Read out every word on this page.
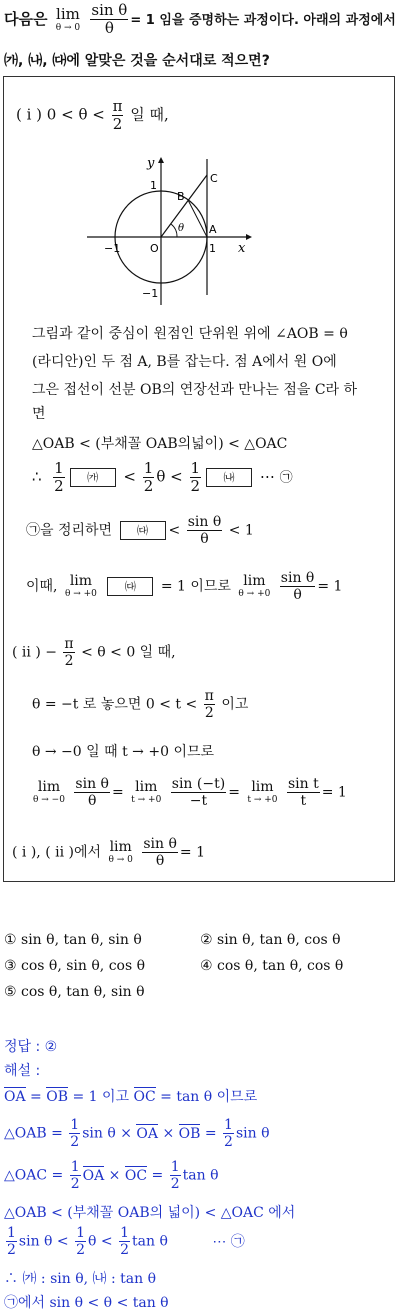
다음은 lim
θ → 0
$\frac{\text{sin θ}}{\theta} = 1$ 임을 증명하는 과정이다. 아래의 과정에서
㈎, ㈏, ㈐에 알맞은 것을 순서대로 적으면?
( i ) $0 < \theta < \frac{\pi}{2}$ 일 때,
y
x
1
−1
−1	1
O
A
B
C
θ
그림과 같이 중심이 원점인 단위원 위에 ∠AOB = θ
(라디안)인 두 점 A, B를 잡는다. 점 A에서 원 O에
그은 접선이 선분 OB의 연장선과 만나는 점을 C라 하
면
△OAB < (부채꼴 OAB의넓이) < △OAC
∴ $\frac{1}{2}$ ㈎ < $\frac{1}{2}$ $\theta < \frac{1}{2}$ ㈏ ⋯ ㉠
㉠을 정리하면 ㈐ < $\frac{\text{sin θ}}{\theta} < 1$
이때, lim
θ → +0
㈐ = 1 이므로 lim
θ → +0
$\frac{\text{sin θ}}{\theta} = 1$
( ii ) − $\frac{\pi}{2} < \theta < 0$ 일 때,
θ = −t 로 놓으면 $0 < t < \frac{\pi}{2}$ 이고
θ → −0 일 때 t → +0 이므로
lim
θ → −0
$\frac{\text{sin θ}}{\theta} = \lim$
t → +0
$\frac{\sin (-t)}{-t} = \lim$
t → +0
$\frac{\text{sin t}}{t} = 1$
( i ), ( ii )에서 lim
θ → 0
$\frac{\text{sin θ}}{\theta} = 1$
① sin θ, tan θ, sin θ	② sin θ, tan θ, cos θ
③ cos θ, sin θ, cos θ	④ cos θ, tan θ, cos θ
⑤ cos θ, tan θ, sin θ
정답 : ②
해설 :
OA = OB = 1 이고 OC = tan θ 이므로
△OAB = $\frac{1}{2}$ sin θ × OA × OB = $\frac{1}{2}$ sin θ
△OAC = $\frac{1}{2}$ OA × OC = $\frac{1}{2}$ tan θ
△OAB < (부채꼴 OAB의 넓이) < △OAC 에서
$\frac{1}{2}$ $\sin \theta < \frac{1}{2}$ $\theta < \frac{1}{2}$ tan θ	⋯ ㉠
∴ ㈎ : sin θ, ㈏ : tan θ
㉠에서 sin θ < θ < tan θ
